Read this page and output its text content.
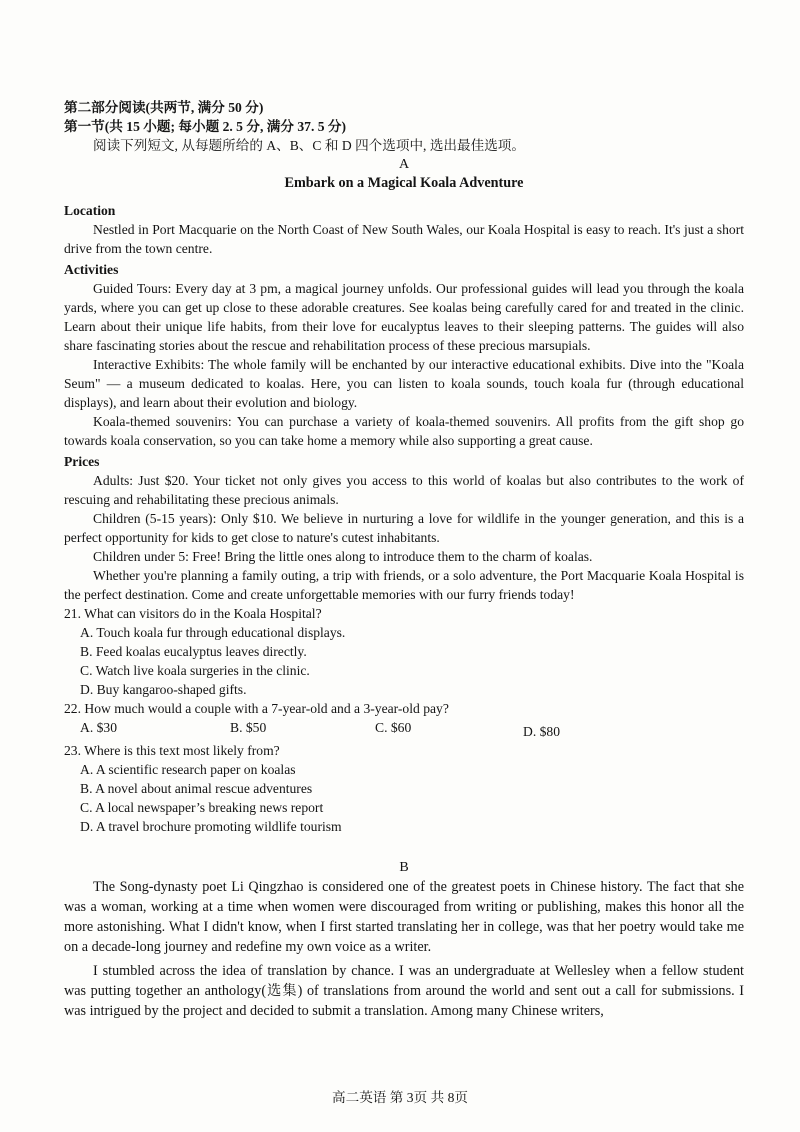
第二部分阅读(共两节, 满分 50 分)
第一节(共 15 小题; 每小题 2. 5 分, 满分 37. 5 分)

阅读下列短文, 从每题所给的 A、B、C 和 D 四个选项中, 选出最佳选项。

A
Embark on a Magical Koala Adventure
Location

Nestled in Port Macquarie on the North Coast of New South Wales, our Koala Hospital is easy to reach. It's just a short drive from the town centre.

Activities

Guided Tours: Every day at 3 pm, a magical journey unfolds. Our professional guides will lead you through the koala yards, where you can get up close to these adorable creatures. See koalas being carefully cared for and treated in the clinic. Learn about their unique life habits, from their love for eucalyptus leaves to their sleeping patterns. The guides will also share fascinating stories about the rescue and rehabilitation process of these precious marsupials.

Interactive Exhibits: The whole family will be enchanted by our interactive educational exhibits. Dive into the "Koala Seum" — a museum dedicated to koalas. Here, you can listen to koala sounds, touch koala fur (through educational displays), and learn about their evolution and biology.

Koala-themed souvenirs: You can purchase a variety of koala-themed souvenirs. All profits from the gift shop go towards koala conservation, so you can take home a memory while also supporting a great cause.

Prices

Adults: Just $20. Your ticket not only gives you access to this world of koalas but also contributes to the work of rescuing and rehabilitating these precious animals.

Children (5-15 years): Only $10. We believe in nurturing a love for wildlife in the younger generation, and this is a perfect opportunity for kids to get close to nature's cutest inhabitants.

Children under 5: Free! Bring the little ones along to introduce them to the charm of koalas.

Whether you're planning a family outing, a trip with friends, or a solo adventure, the Port Macquarie Koala Hospital is the perfect destination. Come and create unforgettable memories with our furry friends today!

21. What can visitors do in the Koala Hospital?
A. Touch koala fur through educational displays.
B. Feed koalas eucalyptus leaves directly.
C. Watch live koala surgeries in the clinic.
D. Buy kangaroo-shaped gifts.
22. How much would a couple with a 7-year-old and a 3-year-old pay?
A. $30	B. $50	C. $60	D. $80
23. Where is this text most likely from?
A. A scientific research paper on koalas
B. A novel about animal rescue adventures
C. A local newspaper’s breaking news report
D. A travel brochure promoting wildlife tourism
B

The Song-dynasty poet Li Qingzhao is considered one of the greatest poets in Chinese history. The fact that she was a woman, working at a time when women were discouraged from writing or publishing, makes this honor all the more astonishing. What I didn't know, when I first started translating her in college, was that her poetry would take me on a decade-long journey and redefine my own voice as a writer.

I stumbled across the idea of translation by chance. I was an undergraduate at Wellesley when a fellow student was putting together an anthology(选集) of translations from around the world and sent out a call for submissions. I was intrigued by the project and decided to submit a translation. Among many Chinese writers,

高二英语 第 3页 共 8页
